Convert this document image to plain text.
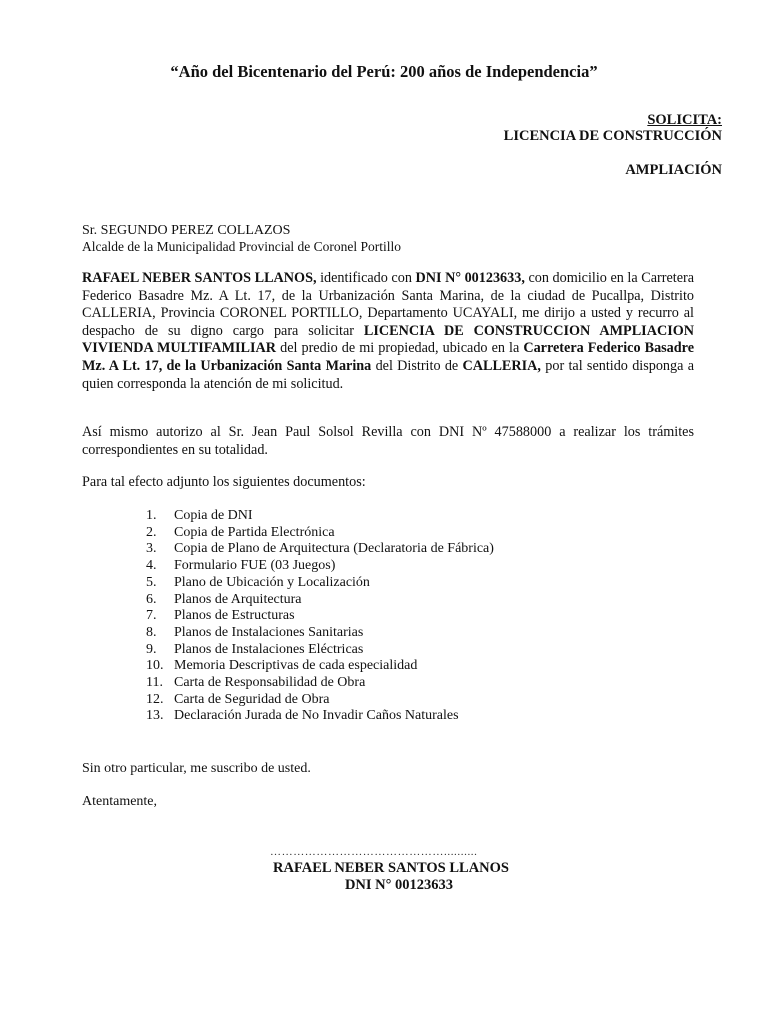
“Año del Bicentenario del Perú: 200 años de Independencia”
SOLICITA:
LICENCIA DE CONSTRUCCIÓN
AMPLIACIÓN
Sr. SEGUNDO PEREZ COLLAZOS
Alcalde de la Municipalidad Provincial de Coronel Portillo
RAFAEL NEBER SANTOS LLANOS, identificado con DNI N° 00123633, con domicilio en la Carretera Federico Basadre Mz. A Lt. 17, de la Urbanización Santa Marina, de la ciudad de Pucallpa, Distrito CALLERIA, Provincia CORONEL PORTILLO, Departamento UCAYALI, me dirijo a usted y recurro al despacho de su digno cargo para solicitar LICENCIA DE CONSTRUCCION AMPLIACION VIVIENDA MULTIFAMILIAR del predio de mi propiedad, ubicado en la Carretera Federico Basadre Mz. A Lt. 17, de la Urbanización Santa Marina del Distrito de CALLERIA, por tal sentido disponga a quien corresponda la atención de mi solicitud.
Así mismo autorizo al Sr. Jean Paul Solsol Revilla con DNI Nº 47588000 a realizar los trámites correspondientes en su totalidad.
Para tal efecto adjunto los siguientes documentos:
1.	Copia de DNI
2.	Copia de Partida Electrónica
3.	Copia de Plano de Arquitectura (Declaratoria de Fábrica)
4.	Formulario FUE (03 Juegos)
5.	Plano de Ubicación y Localización
6.	Planos de Arquitectura
7.	Planos de Estructuras
8.	Planos de Instalaciones Sanitarias
9.	Planos de Instalaciones Eléctricas
10. Memoria Descriptivas de cada especialidad
11. Carta de Responsabilidad de Obra
12. Carta de Seguridad de Obra
13. Declaración Jurada de No Invadir Caños Naturales
Sin otro particular, me suscribo de usted.
Atentamente,
………………………………………..........
RAFAEL NEBER SANTOS LLANOS
DNI N° 00123633
